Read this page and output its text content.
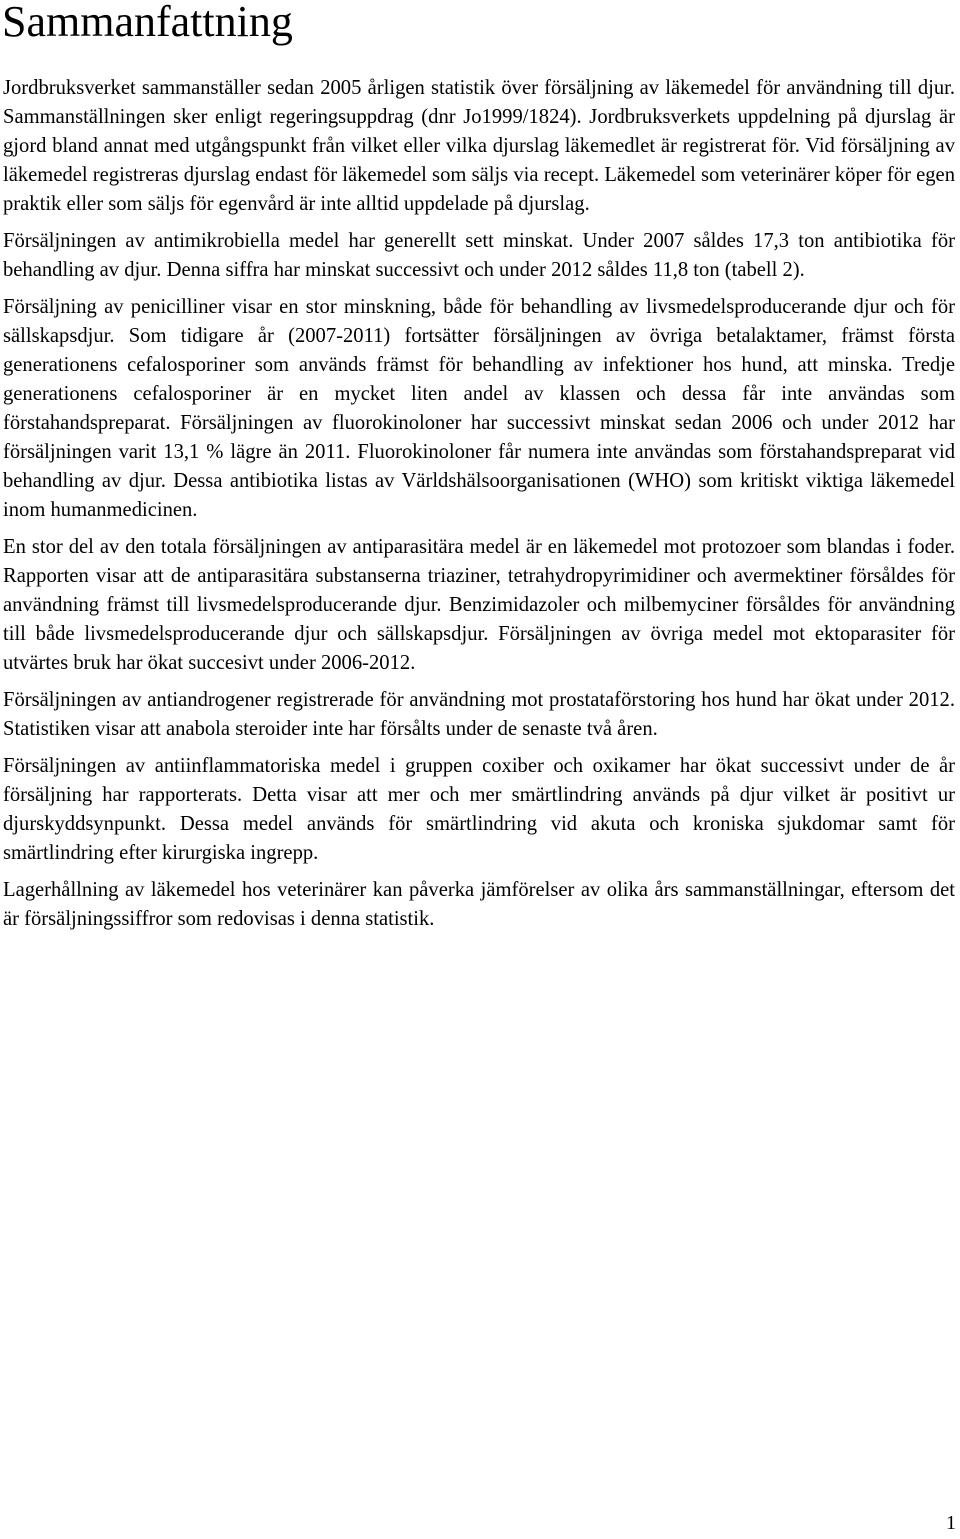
Sammanfattning

Jordbruksverket sammanställer sedan 2005 årligen statistik över försäljning av läkemedel för användning till djur. Sammanställningen sker enligt regeringsuppdrag (dnr Jo1999/1824). Jordbruksverkets uppdelning på djurslag är gjord bland annat med utgångspunkt från vilket eller vilka djurslag läkemedlet är registrerat för. Vid försäljning av läkemedel registreras djurslag endast för läkemedel som säljs via recept. Läkemedel som veterinärer köper för egen praktik eller som säljs för egenvård är inte alltid uppdelade på djurslag.

Försäljningen av antimikrobiella medel har generellt sett minskat. Under 2007 såldes 17,3 ton antibiotika för behandling av djur. Denna siffra har minskat successivt och under 2012 såldes 11,8 ton (tabell 2).

Försäljning av penicilliner visar en stor minskning, både för behandling av livsmedelsproducerande djur och för sällskapsdjur. Som tidigare år (2007-2011) fortsätter försäljningen av övriga betalaktamer, främst första generationens cefalosporiner som används främst för behandling av infektioner hos hund, att minska. Tredje generationens cefalosporiner är en mycket liten andel av klassen och dessa får inte användas som förstahandspreparat. Försäljningen av fluorokinoloner har successivt minskat sedan 2006 och under 2012 har försäljningen varit 13,1 % lägre än 2011. Fluorokinoloner får numera inte användas som förstahandspreparat vid behandling av djur. Dessa antibiotika listas av Världshälsoorganisationen (WHO) som kritiskt viktiga läkemedel inom humanmedicinen.

En stor del av den totala försäljningen av antiparasitära medel är en läkemedel mot protozoer som blandas i foder. Rapporten visar att de antiparasitära substanserna triaziner, tetrahydropyrimidiner och avermektiner försåldes för användning främst till livsmedelsproducerande djur. Benzimidazoler och milbemyciner försåldes för användning till både livsmedelsproducerande djur och sällskapsdjur. Försäljningen av övriga medel mot ektoparasiter för utvärtes bruk har ökat succesivt under 2006-2012.

Försäljningen av antiandrogener registrerade för användning mot prostataförstoring hos hund har ökat under 2012. Statistiken visar att anabola steroider inte har försålts under de senaste två åren.

Försäljningen av antiinflammatoriska medel i gruppen coxiber och oxikamer har ökat successivt under de år försäljning har rapporterats. Detta visar att mer och mer smärtlindring används på djur vilket är positivt ur djurskyddsynpunkt. Dessa medel används för smärtlindring vid akuta och kroniska sjukdomar samt för smärtlindring efter kirurgiska ingrepp.

Lagerhållning av läkemedel hos veterinärer kan påverka jämförelser av olika års sammanställningar, eftersom det är försäljningssiffror som redovisas i denna statistik.

1
